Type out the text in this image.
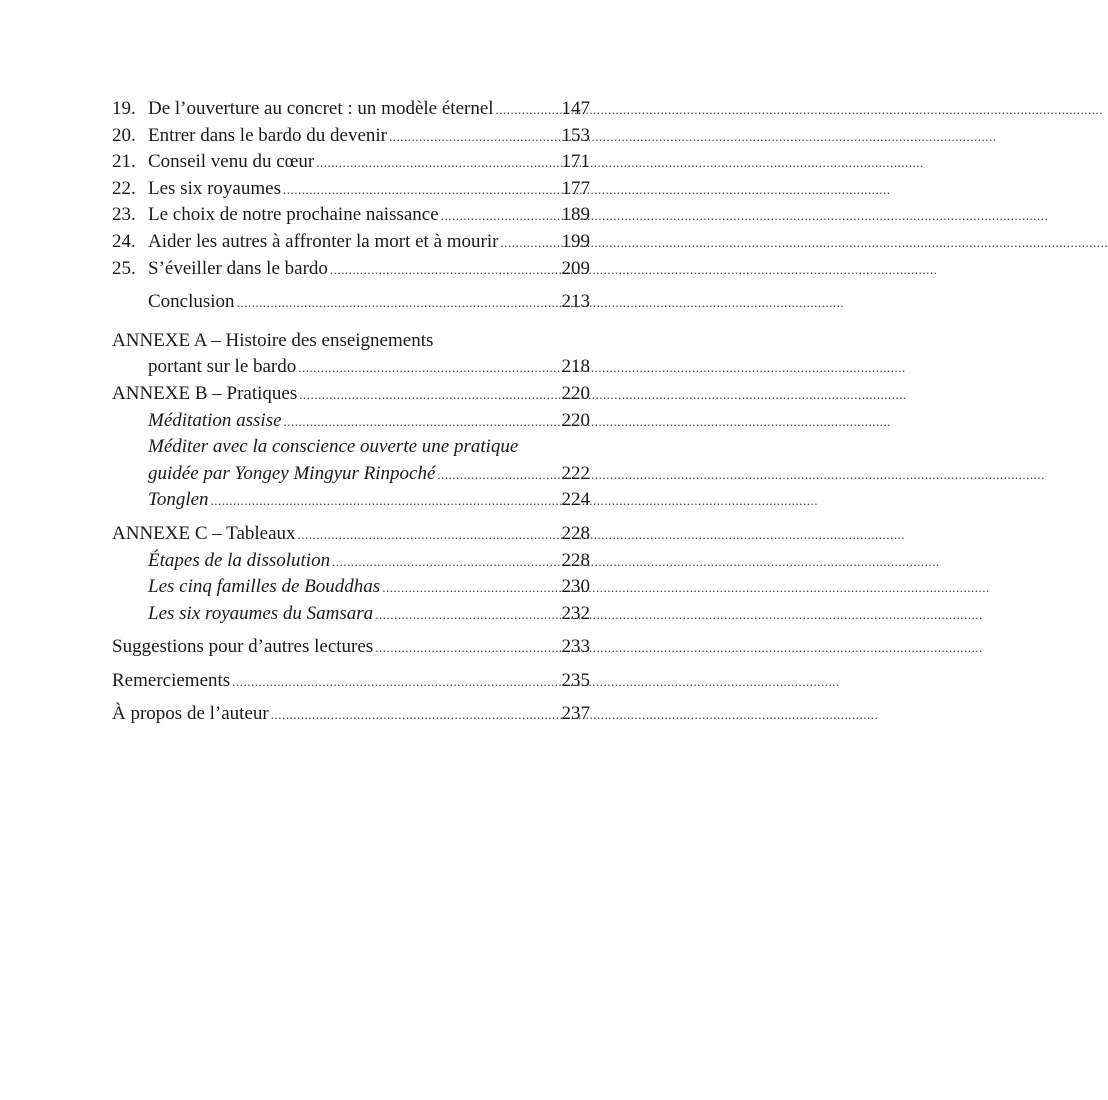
19. De l’ouverture au concret : un modèle éternel .....	147
20. Entrer dans le bardo du devenir .....	153
21. Conseil venu du cœur .....	171
22. Les six royaumes .....	177
23. Le choix de notre prochaine naissance .....	189
24. Aider les autres à affronter la mort et à mourir .....	199
25. S’éveiller dans le bardo .....	209
Conclusion .....	213
ANNEXE A – Histoire des enseignements
portant sur le bardo .....	218
ANNEXE B – Pratiques .....	220
Méditation assise .....	220
Méditer avec la conscience ouverte une pratique
guidée par Yongey Mingyur Rinpoché .....	222
Tonglen .....	224
ANNEXE C – Tableaux .....	228
Étapes de la dissolution .....	228
Les cinq familles de Bouddhas .....	230
Les six royaumes du Samsara .....	232
Suggestions pour d’autres lectures .....	233
Remerciements .....	235
À propos de l’auteur .....	237
